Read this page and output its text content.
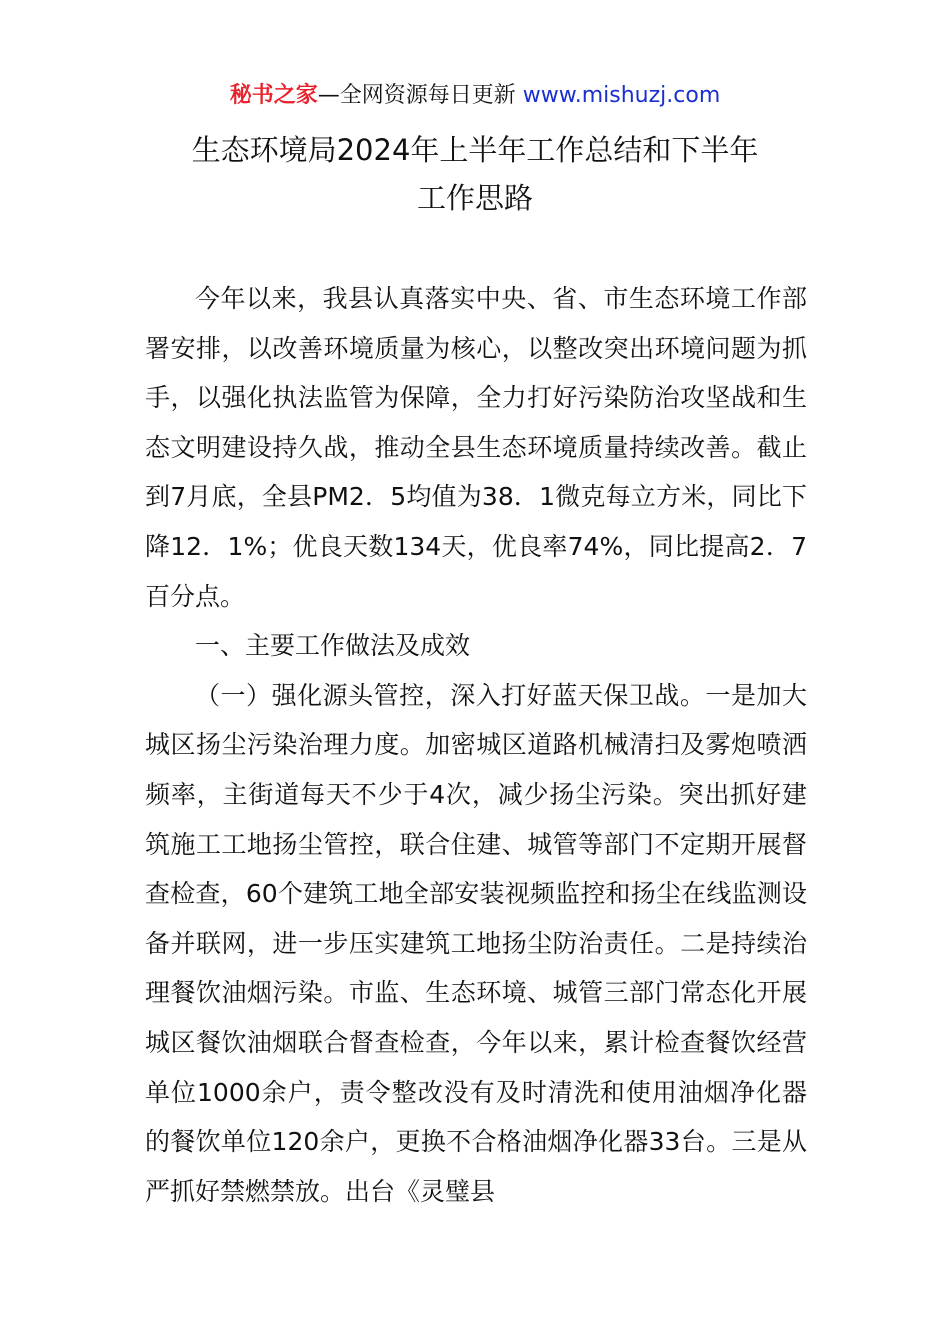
秘书之家—全网资源每日更新 www.mishuzj.com
生态环境局2024年上半年工作总结和下半年
工作思路

今年以来，我县认真落实中央、省、市生态环境工作部署安排，以改善环境质量为核心，以整改突出环境问题为抓手，以强化执法监管为保障，全力打好污染防治攻坚战和生态文明建设持久战，推动全县生态环境质量持续改善。截止到7月底，全县PM2．5均值为38．1微克每立方米，同比下降12．1%；优良天数134天，优良率74%，同比提高2．7百分点。

一、主要工作做法及成效

（一）强化源头管控，深入打好蓝天保卫战。一是加大城区扬尘污染治理力度。加密城区道路机械清扫及雾炮喷洒频率，主街道每天不少于4次，减少扬尘污染。突出抓好建筑施工工地扬尘管控，联合住建、城管等部门不定期开展督查检查，60个建筑工地全部安装视频监控和扬尘在线监测设备并联网，进一步压实建筑工地扬尘防治责任。二是持续治理餐饮油烟污染。市监、生态环境、城管三部门常态化开展城区餐饮油烟联合督查检查，今年以来，累计检查餐饮经营单位1000余户，责令整改没有及时清洗和使用油烟净化器的餐饮单位120余户，更换不合格油烟净化器33台。三是从严抓好禁燃禁放。出台《灵璧县
